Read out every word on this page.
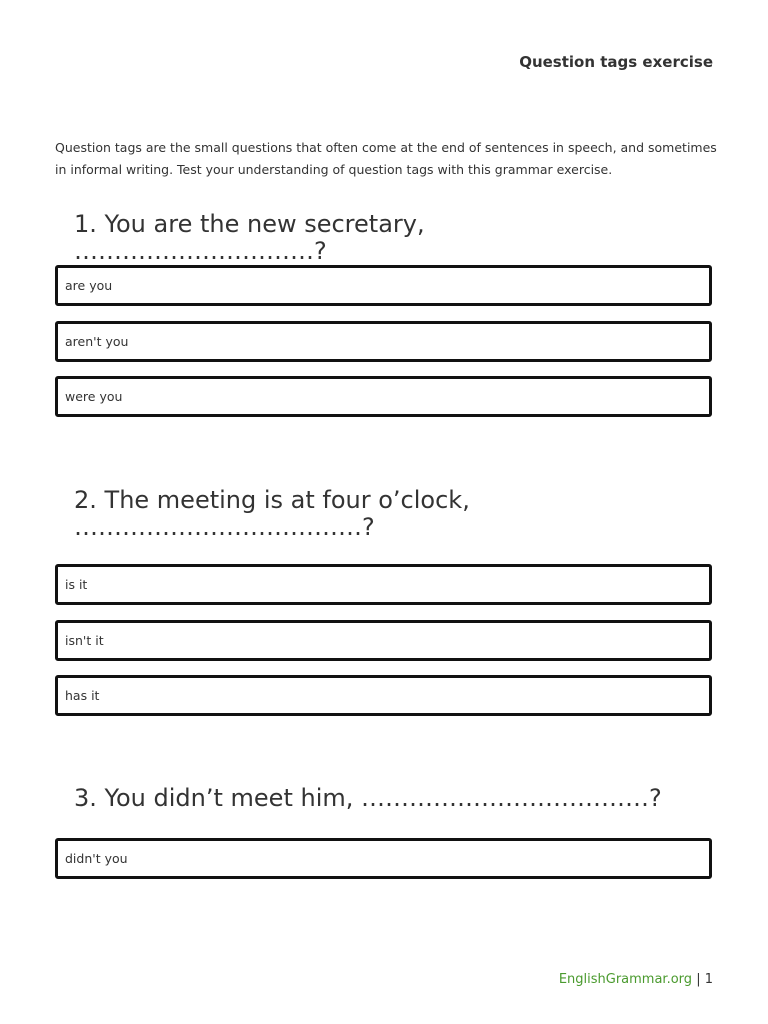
Question tags exercise
Question tags are the small questions that often come at the end of sentences in speech, and sometimes in informal writing. Test your understanding of question tags with this grammar exercise.
1. You are the new secretary, …………………………?
are you
aren't you
were you
2. The meeting is at four o’clock, ………………………………?
is it
isn't it
has it
3. You didn’t meet him, ………………………………?
didn't you
EnglishGrammar.org | 1
